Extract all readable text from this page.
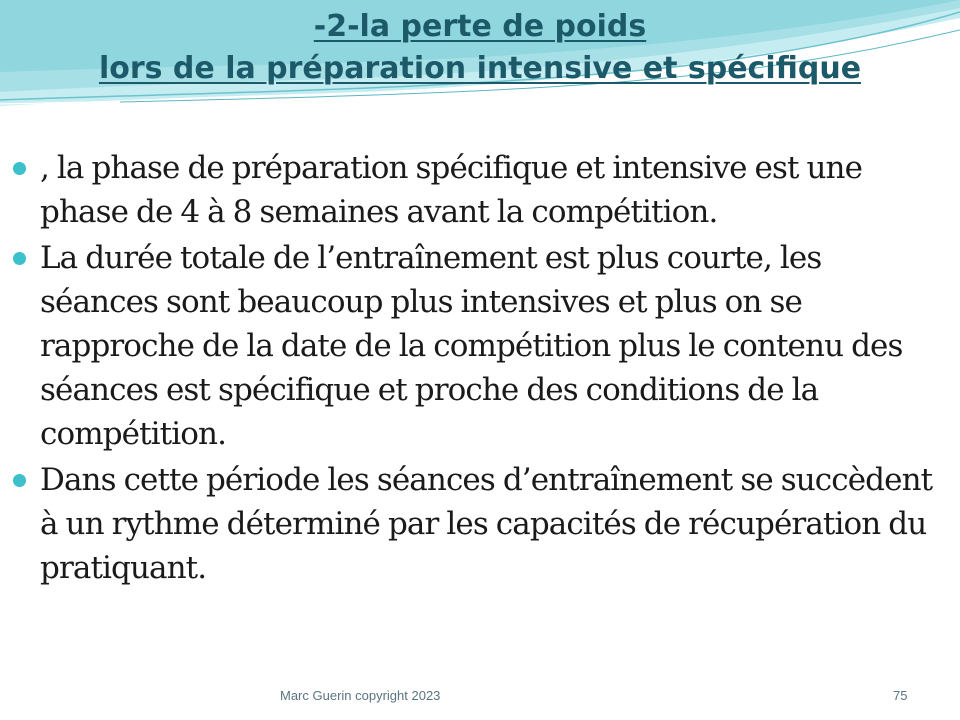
-2-la perte de poids
lors de la préparation intensive et spécifique
, la phase de préparation spécifique et intensive est une phase de 4 à 8 semaines avant la compétition.
La durée totale de l’entraînement est plus courte, les séances sont beaucoup plus intensives et plus on se rapproche de la date de la compétition plus le contenu des séances est spécifique et proche des conditions de la compétition.
Dans cette période les séances d’entraînement se succèdent à un rythme déterminé par les capacités de récupération du pratiquant.
Marc Guerin copyright 2023	75
